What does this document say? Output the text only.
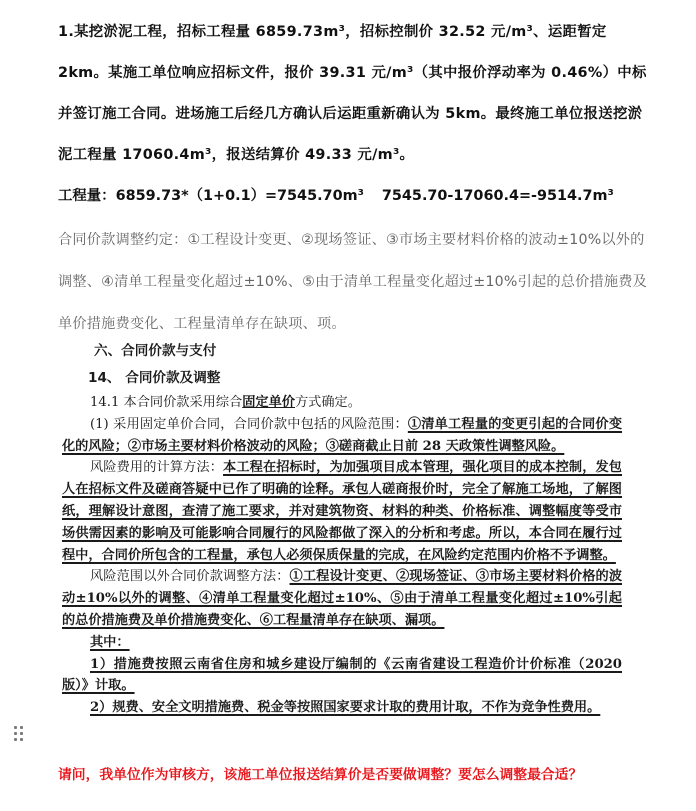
1.某挖淤泥工程，招标工程量 6859.73m³，招标控制价 32.52 元/m³、运距暂定 2km。某施工单位响应招标文件，报价 39.31 元/m³（其中报价浮动率为 0.46%）中标并签订施工合同。进场施工后经几方确认后运距重新确认为 5km。最终施工单位报送挖淤泥工程量 17060.4m³，报送结算价 49.33 元/m³。
工程量：6859.73*（1+0.1）=7545.70m³ 7545.70-17060.4=-9514.7m³
合同价款调整约定：①工程设计变更、②现场签证、③市场主要材料价格的波动±10%以外的调整、④清单工程量变化超过±10%、⑤由于清单工程量变化超过±10%引起的总价措施费及单价措施费变化、工程量清单存在缺项、项。
六、合同价款与支付
14、 合同价款及调整
14.1 本合同价款采用综合固定单价方式确定。
(1) 采用固定单价合同，合同价款中包括的风险范围：①清单工程量的变更引起的合同价变化的风险；②市场主要材料价格波动的风险；③磋商截止日前 28 天政策性调整风险。
风险费用的计算方法：本工程在招标时，为加强项目成本管理，强化项目的成本控制，发包人在招标文件及磋商答疑中已作了明确的诠释。承包人磋商报价时，完全了解施工场地，了解图纸，理解设计意图，查清了施工要求，并对建筑物资、材料的种类、价格标准、调整幅度等受市场供需因素的影响及可能影响合同履行的风险都做了深入的分析和考虑。所以，本合同在履行过程中，合同价所包含的工程量，承包人必须保质保量的完成，在风险约定范围内价格不予调整。
风险范围以外合同价款调整方法：①工程设计变更、②现场签证、③市场主要材料价格的波动±10%以外的调整、④清单工程量变化超过±10%、⑤由于清单工程量变化超过±10%引起的总价措施费及单价措施费变化、⑥工程量清单存在缺项、漏项。
其中：
1）措施费按照云南省住房和城乡建设厅编制的《云南省建设工程造价计价标准（2020 版）》计取。
2）规费、安全文明措施费、税金等按照国家要求计取的费用计取，不作为竞争性费用。
请问，我单位作为审核方，该施工单位报送结算价是否要做调整？要怎么调整最合适？
